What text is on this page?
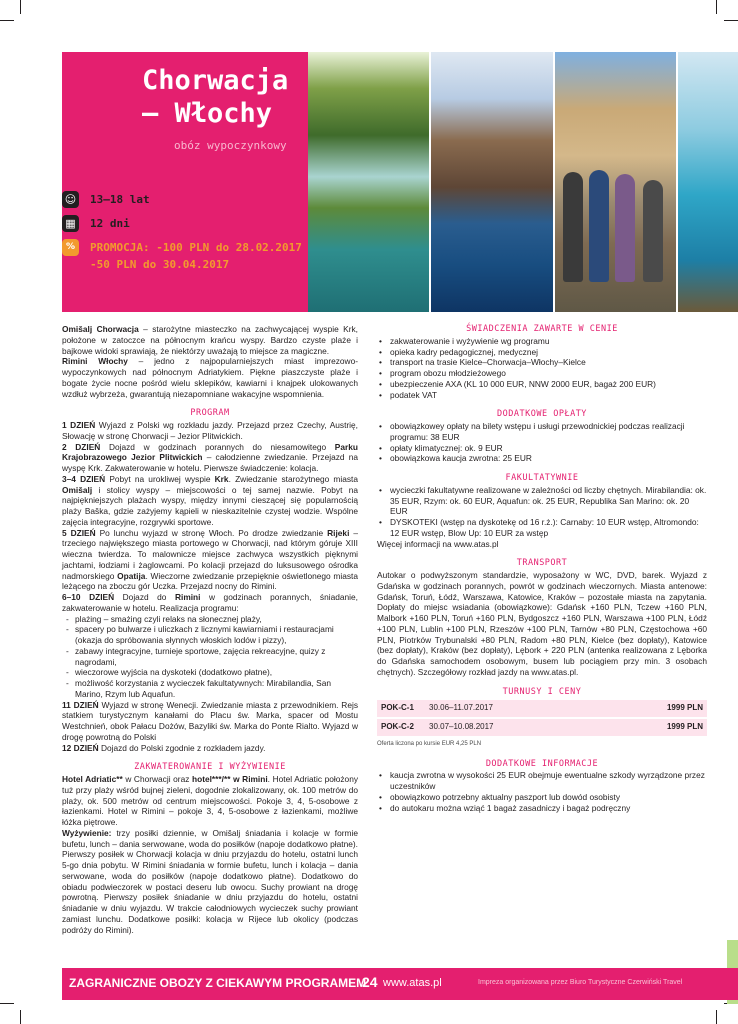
Chorwacja
– Włochy
obóz wypoczynkowy
☺ 13–18 lat
▦ 12 dni
%	PROMOCJA: -100 PLN do 28.02.2017
-50 PLN do 30.04.2017

Omišalj Chorwacja – starożytne miasteczko na zachwycającej wyspie Krk, położone w zatoczce na północnym krańcu wyspy. Bardzo czyste plaże i bajkowe widoki sprawiają, że niektórzy uważają to miejsce za magiczne.

Rimini Włochy – jedno z najpopularniejszych miast imprezowo-wypoczynkowych nad północnym Adriatykiem. Piękne piaszczyste plaże i bogate życie nocne pośród wielu sklepików, kawiarni i knajpek ulokowanych wzdłuż wybrzeża, gwarantują niezapomniane wakacyjne wspomnienia.

PROGRAM

1 DZIEŃ Wyjazd z Polski wg rozkładu jazdy. Przejazd przez Czechy, Austrię, Słowację w stronę Chorwacji – Jezior Plitwickich.

2 DZIEŃ Dojazd w godzinach porannych do niesamowitego Parku Krajobrazowego Jezior Plitwickich – całodzienne zwiedzanie. Przejazd na wyspę Krk. Zakwaterowanie w hotelu. Pierwsze świadczenie: kolacja.

3–4 DZIEŃ Pobyt na urokliwej wyspie Krk. Zwiedzanie starożytnego miasta Omišalj i stolicy wyspy – miejscowości o tej samej nazwie. Pobyt na najpiękniejszych plażach wyspy, między innymi cieszącej się popularnością plaży Baška, gdzie zażyjemy kąpieli w nieskazitelnie czystej wodzie. Wspólne zajęcia integracyjne, rozgrywki sportowe.

5 DZIEŃ Po lunchu wyjazd w stronę Włoch. Po drodze zwiedzanie Rijeki – trzeciego największego miasta portowego w Chorwacji, nad którym góruje XIII wieczna twierdza. To malownicze miejsce zachwyca wszystkich pięknymi jachtami, łodziami i żaglowcami. Po kolacji przejazd do luksusowego ośrodka nadmorskiego Opatija. Wieczorne zwiedzanie przepięknie oświetlonego miasta leżącego na zboczu gór Uczka. Przejazd nocny do Rimini.

6–10 DZIEŃ Dojazd do Rimini w godzinach porannych, śniadanie, zakwaterowanie w hotelu. Realizacja programu:

- plażing – smażing czyli relaks na słonecznej plaży,
- spacery po bulwarze i uliczkach z licznymi kawiarniami i restauracjami (okazja do spróbowania słynnych włoskich lodów i pizzy),
- zabawy integracyjne, turnieje sportowe, zajęcia rekreacyjne, quizy z nagrodami,
- wieczorowe wyjścia na dyskoteki (dodatkowo płatne),
- możliwość korzystania z wycieczek fakultatywnych: Mirabilandia, San Marino, Rzym lub Aquafun.

11 DZIEŃ Wyjazd w stronę Wenecji. Zwiedzanie miasta z przewodnikiem. Rejs statkiem turystycznym kanałami do Placu św. Marka, spacer od Mostu Westchnień, obok Pałacu Dożów, Bazyliki św. Marka do Ponte Rialto. Wyjazd w drogę powrotną do Polski

12 DZIEŃ Dojazd do Polski zgodnie z rozkładem jazdy.

ZAKWATEROWANIE I WYŻYWIENIE

Hotel Adriatic** w Chorwacji oraz hotel***/** w Rimini. Hotel Adriatic położony tuż przy plaży wśród bujnej zieleni, dogodnie zlokalizowany, ok. 100 metrów do plaży, ok. 500 metrów od centrum miejscowości. Pokoje 3, 4, 5-osobowe z łazienkami. Hotel w Rimini – pokoje 3, 4, 5-osobowe z łazienkami, możliwe łóżka piętrowe.

Wyżywienie: trzy posiłki dziennie, w Omišalj śniadania i kolacje w formie bufetu, lunch – dania serwowane, woda do posiłków (napoje dodatkowo płatne). Pierwszy posiłek w Chorwacji kolacja w dniu przyjazdu do hotelu, ostatni lunch 5-go dnia pobytu. W Rimini śniadania w formie bufetu, lunch i kolacja – dania serwowane, woda do posiłków (napoje dodatkowo płatne). Dodatkowo do obiadu podwieczorek w postaci deseru lub owocu. Suchy prowiant na drogę powrotną. Pierwszy posiłek śniadanie w dniu przyjazdu do hotelu, ostatni śniadanie w dniu wyjazdu. W trakcie całodniowych wycieczek suchy prowiant zamiast lunchu. Dodatkowe posiłki: kolacja w Rijece lub okolicy (podczas podróży do Rimini).

ŚWIADCZENIA ZAWARTE W CENIE
• zakwaterowanie i wyżywienie wg programu
• opieka kadry pedagogicznej, medycznej
• transport na trasie Kielce–Chorwacja–Włochy–Kielce
• program obozu młodzieżowego
• ubezpieczenie AXA (KL 10 000 EUR, NNW 2000 EUR, bagaż 200 EUR)
• podatek VAT
DODATKOWE OPŁATY
• obowiązkowey opłaty na bilety wstępu i usługi przewodnickiej podczas realizacji programu: 38 EUR
• opłaty klimatycznej: ok. 9 EUR
• obowiązkowa kaucja zwrotna: 25 EUR
FAKULTATYWNIE
• wycieczki fakultatywne realizowane w zależności od liczby chętnych. Mirabilandia: ok. 35 EUR, Rzym: ok. 60 EUR, Aquafun: ok. 25 EUR, Republika San Marino: ok. 20 EUR
• DYSKOTEKI (wstęp na dyskotekę od 16 r.ż.): Carnaby: 10 EUR wstęp, Altromondo: 12 EUR wstęp, Blow Up: 10 EUR za wstęp

Więcej informacji na www.atas.pl

TRANSPORT

Autokar o podwyższonym standardzie, wyposażony w WC, DVD, barek. Wyjazd z Gdańska w godzinach porannych, powrót w godzinach wieczornych. Miasta antenowe: Gdańsk, Toruń, Łódź, Warszawa, Katowice, Kraków – pozostałe miasta na zapytania. Dopłaty do miejsc wsiadania (obowiązkowe): Gdańsk +160 PLN, Tczew +160 PLN, Malbork +160 PLN, Toruń +160 PLN, Bydgoszcz +160 PLN, Warszawa +100 PLN, Łódź +100 PLN, Lublin +100 PLN, Rzeszów +100 PLN, Tarnów +80 PLN, Częstochowa +60 PLN, Piotrków Trybunalski +80 PLN, Radom +80 PLN, Kielce (bez dopłaty), Katowice (bez dopłaty), Kraków (bez dopłaty), Lębork + 220 PLN (antenka realizowana z Lęborka do Gdańska samochodem osobowym, busem lub pociągiem przy min. 3 osobach chętnych). Szczegółowy rozkład jazdy na www.atas.pl.

TURNUSY I CENY
POK-C-1	30.06–11.07.2017	1999 PLN
POK-C-2	30.07–10.08.2017	1999 PLN
Oferta liczona po kursie EUR 4,25 PLN
DODATKOWE INFORMACJE
• kaucja zwrotna w wysokości 25 EUR obejmuje ewentualne szkody wyrządzone przez uczestników
• obowiązkowo potrzebny aktualny paszport lub dowód osobisty
• do autokaru można wziąć 1 bagaż zasadniczy i bagaż podręczny
ZAGRANICZNE OBOZY Z CIEKAWYM PROGRAMEM
24 www.atas.pl	Impreza organizowana przez Biuro Turystyczne Czerwiński Travel
